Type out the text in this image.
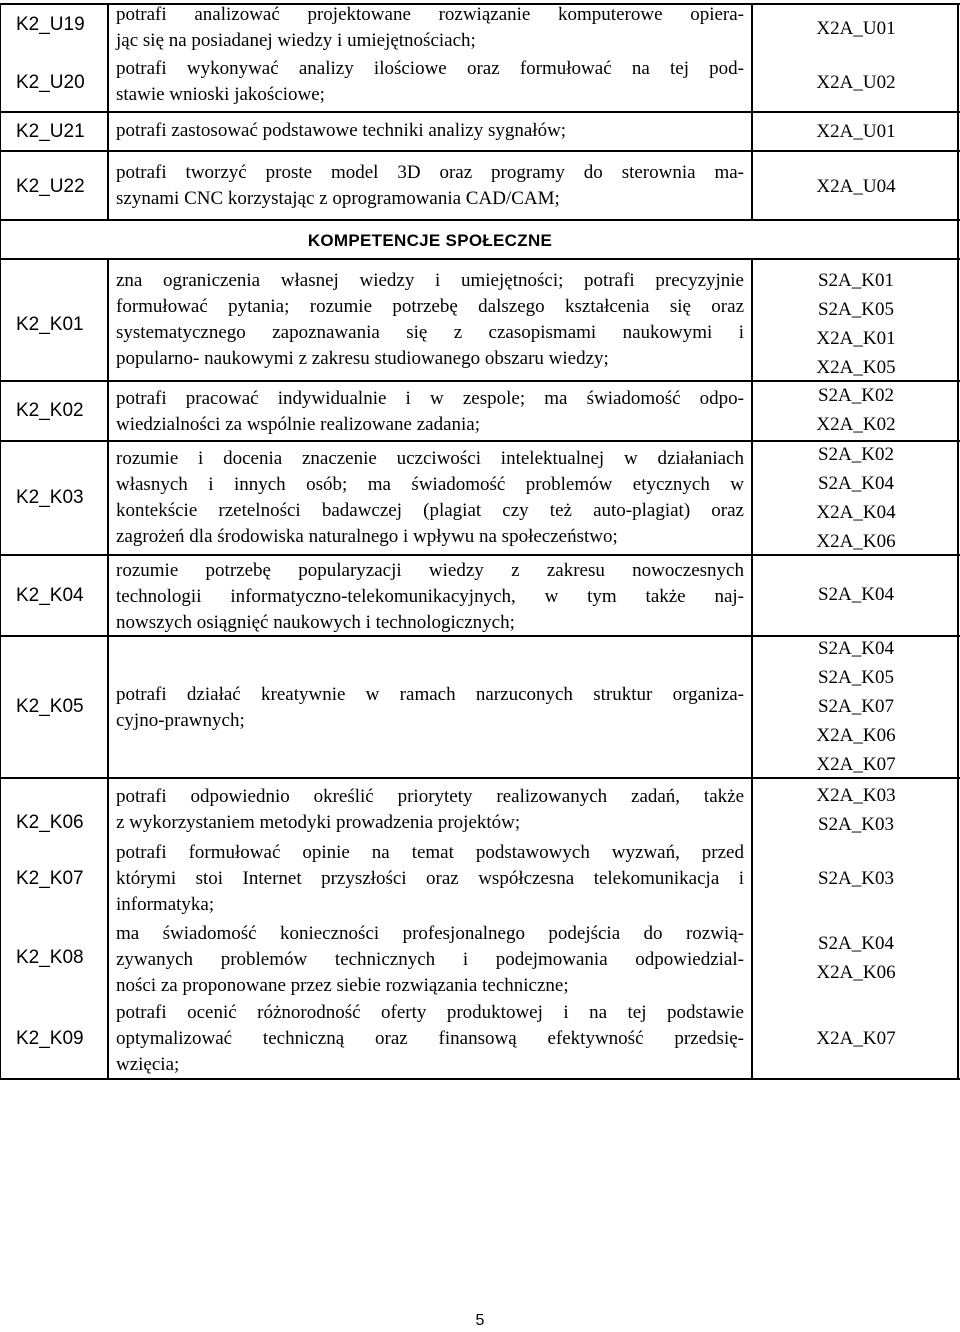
K2_U19 potrafi analizować projektowane rozwiązanie komputerowe opiera-
jąc się na posiadanej wiedzy i umiejętnościach;
X2A_U01
K2_U20
potrafi wykonywać analizy ilościowe oraz formułować na tej pod-
stawie wnioski jakościowe;
X2A_U02
K2_U21 potrafi zastosować podstawowe techniki analizy sygnałów;	X2A_U01
K2_U22
potrafi tworzyć proste model 3D oraz programy do sterownia ma-
szynami CNC korzystając z oprogramowania CAD/CAM;
X2A_U04
K2_K01
zna ograniczenia własnej wiedzy i umiejętności; potrafi precyzyjnie
formułować pytania; rozumie potrzebę dalszego kształcenia się oraz
systematycznego zapoznawania się z czasopismami naukowymi i
popularno- naukowymi z zakresu studiowanego obszaru wiedzy;
S2A_K01
S2A_K05
X2A_K01
X2A_K05
K2_K02
potrafi pracować indywidualnie i w zespole; ma świadomość odpo-
wiedzialności za wspólnie realizowane zadania;
S2A_K02
X2A_K02
K2_K03
rozumie i docenia znaczenie uczciwości intelektualnej w działaniach
własnych i innych osób; ma świadomość problemów etycznych w
kontekście rzetelności badawczej (plagiat czy też auto-plagiat) oraz
zagrożeń dla środowiska naturalnego i wpływu na społeczeństwo;
S2A_K02
S2A_K04
X2A_K04
X2A_K06
K2_K04
rozumie potrzebę popularyzacji wiedzy z zakresu nowoczesnych
technologii informatyczno-telekomunikacyjnych, w tym także naj-
nowszych osiągnięć naukowych i technologicznych;
S2A_K04
K2_K05
potrafi działać kreatywnie w ramach narzuconych struktur organiza-
cyjno-prawnych;
S2A_K04
S2A_K05
S2A_K07
X2A_K06
X2A_K07
K2_K06
potrafi odpowiednio określić priorytety realizowanych zadań, także
z wykorzystaniem metodyki prowadzenia projektów;
X2A_K03
S2A_K03
K2_K07
potrafi formułować opinie na temat podstawowych wyzwań, przed
którymi stoi Internet przyszłości oraz współczesna telekomunikacja i
informatyka;
S2A_K03
K2_K08
ma świadomość konieczności profesjonalnego podejścia do rozwią-
zywanych problemów technicznych i podejmowania odpowiedzial-
ności za proponowane przez siebie rozwiązania techniczne;
S2A_K04
X2A_K06
K2_K09
potrafi ocenić różnorodność oferty produktowej i na tej podstawie
optymalizować techniczną oraz finansową efektywność przedsię-
wzięcia;
X2A_K07
KOMPETENCJE SPOŁECZNE
5
